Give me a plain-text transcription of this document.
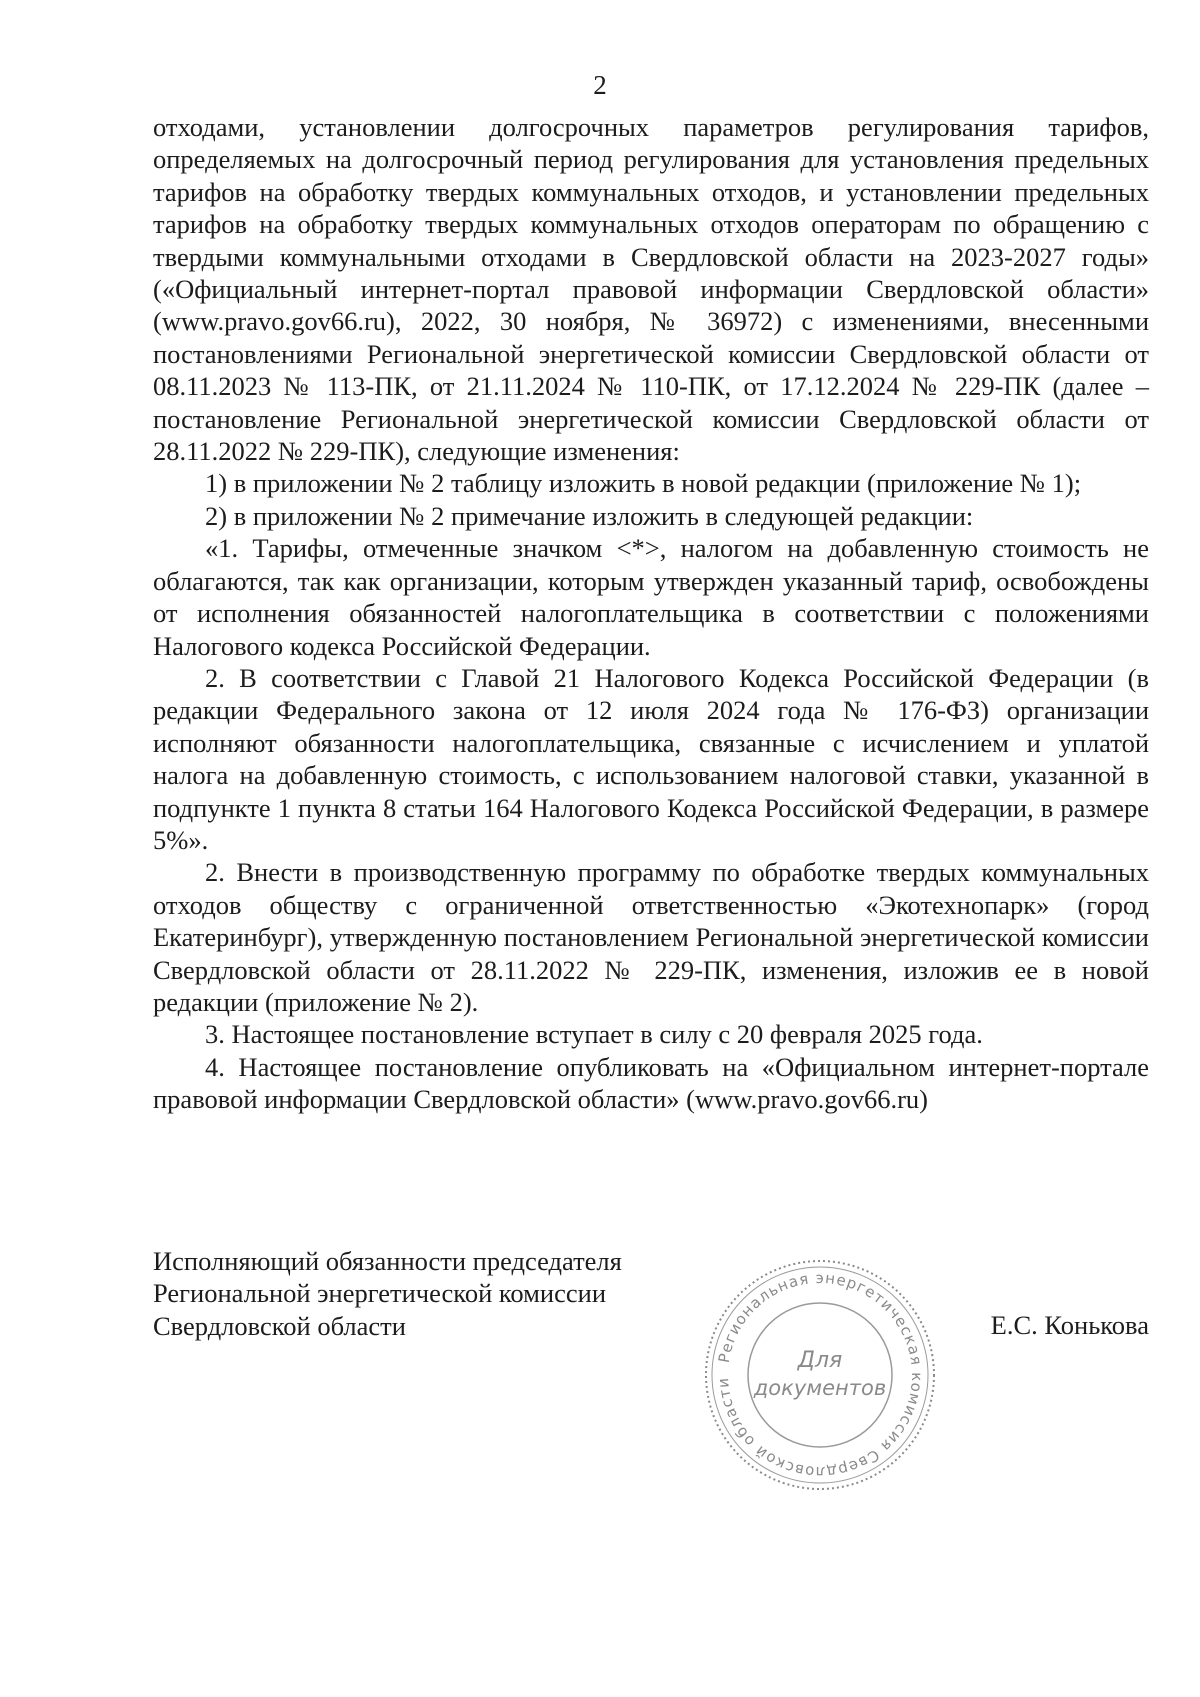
2

отходами, установлении долгосрочных параметров регулирования тарифов, определяемых на долгосрочный период регулирования для установления предельных тарифов на обработку твердых коммунальных отходов, и установлении предельных тарифов на обработку твердых коммунальных отходов операторам по обращению с твердыми коммунальными отходами в Свердловской области на 2023-2027 годы» («Официальный интернет-портал правовой информации Свердловской области» (www.pravo.gov66.ru), 2022, 30 ноября, № 36972) с изменениями, внесенными постановлениями Региональной энергетической комиссии Свердловской области от 08.11.2023 № 113-ПК, от 21.11.2024 № 110-ПК, от 17.12.2024 № 229-ПК (далее – постановление Региональной энергетической комиссии Свердловской области от 28.11.2022 № 229-ПК), следующие изменения:

1) в приложении № 2 таблицу изложить в новой редакции (приложение № 1);

2) в приложении № 2 примечание изложить в следующей редакции:

«1. Тарифы, отмеченные значком <*>, налогом на добавленную стоимость не облагаются, так как организации, которым утвержден указанный тариф, освобождены от исполнения обязанностей налогоплательщика в соответствии с положениями Налогового кодекса Российской Федерации.

2. В соответствии с Главой 21 Налогового Кодекса Российской Федерации (в редакции Федерального закона от 12 июля 2024 года № 176-ФЗ) организации исполняют обязанности налогоплательщика, связанные с исчислением и уплатой налога на добавленную стоимость, с использованием налоговой ставки, указанной в подпункте 1 пункта 8 статьи 164 Налогового Кодекса Российской Федерации, в размере 5%».

2. Внести в производственную программу по обработке твердых коммунальных отходов обществу с ограниченной ответственностью «Экотехнопарк» (город Екатеринбург), утвержденную постановлением Региональной энергетической комиссии Свердловской области от 28.11.2022 № 229-ПК, изменения, изложив ее в новой редакции (приложение № 2).

3. Настоящее постановление вступает в силу с 20 февраля 2025 года.

4. Настоящее постановление опубликовать на «Официальном интернет-портале правовой информации Свердловской области» (www.pravo.gov66.ru)

Исполняющий обязанности председателя
Региональной энергетической комиссии
Свердловской области	Е.С. Конькова
Региональная энергетическая комиссия Свердловской области
Для
документов
